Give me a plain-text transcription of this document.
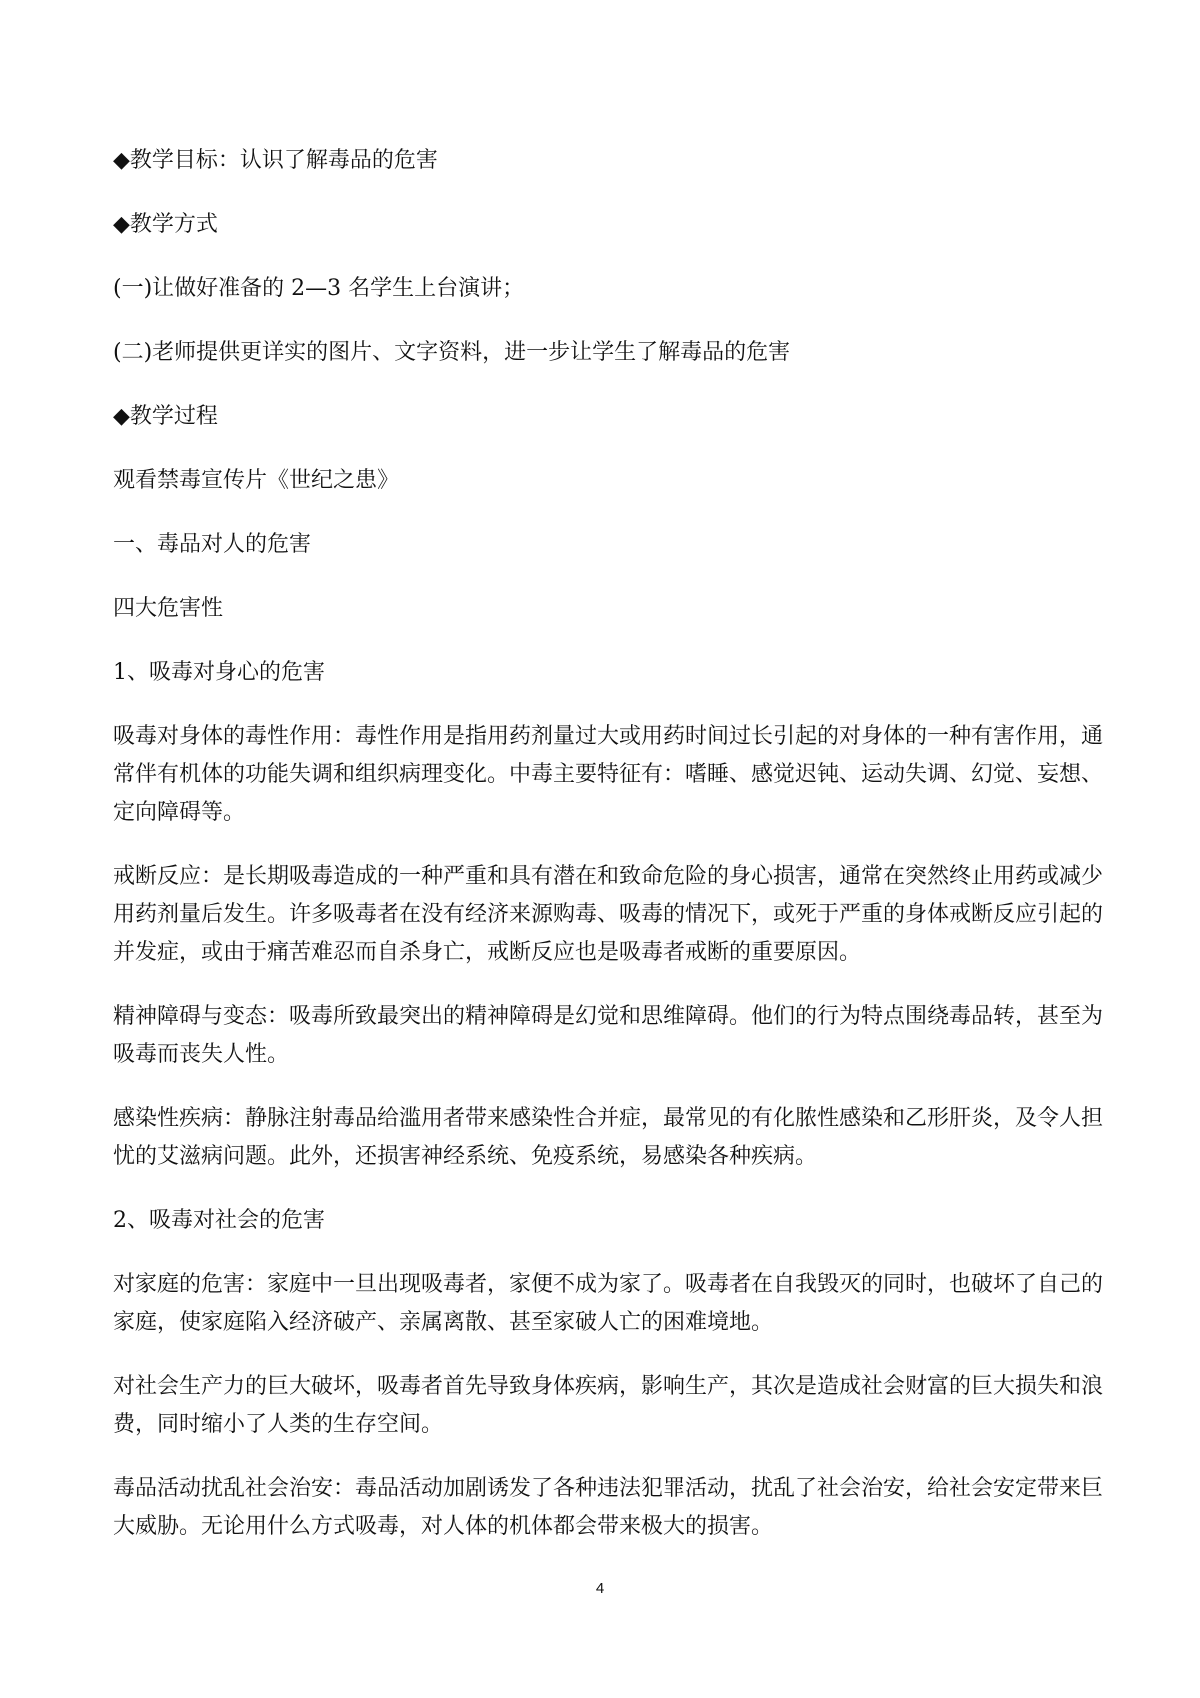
◆教学目标：认识了解毒品的危害

◆教学方式

(一)让做好准备的 2—3 名学生上台演讲；

(二)老师提供更详实的图片、文字资料，进一步让学生了解毒品的危害

◆教学过程

观看禁毒宣传片《世纪之患》

一、毒品对人的危害

四大危害性

1、吸毒对身心的危害

吸毒对身体的毒性作用：毒性作用是指用药剂量过大或用药时间过长引起的对身体的一种有害作用，通常伴有机体的功能失调和组织病理变化。中毒主要特征有：嗜睡、感觉迟钝、运动失调、幻觉、妄想、定向障碍等。

戒断反应：是长期吸毒造成的一种严重和具有潜在和致命危险的身心损害，通常在突然终止用药或减少用药剂量后发生。许多吸毒者在没有经济来源购毒、吸毒的情况下，或死于严重的身体戒断反应引起的并发症，或由于痛苦难忍而自杀身亡，戒断反应也是吸毒者戒断的重要原因。

精神障碍与变态：吸毒所致最突出的精神障碍是幻觉和思维障碍。他们的行为特点围绕毒品转，甚至为吸毒而丧失人性。

感染性疾病：静脉注射毒品给滥用者带来感染性合并症，最常见的有化脓性感染和乙形肝炎，及令人担忧的艾滋病问题。此外，还损害神经系统、免疫系统，易感染各种疾病。

2、吸毒对社会的危害

对家庭的危害：家庭中一旦出现吸毒者，家便不成为家了。吸毒者在自我毁灭的同时，也破坏了自己的家庭，使家庭陷入经济破产、亲属离散、甚至家破人亡的困难境地。

对社会生产力的巨大破坏，吸毒者首先导致身体疾病，影响生产，其次是造成社会财富的巨大损失和浪费，同时缩小了人类的生存空间。

毒品活动扰乱社会治安：毒品活动加剧诱发了各种违法犯罪活动，扰乱了社会治安，给社会安定带来巨大威胁。无论用什么方式吸毒，对人体的机体都会带来极大的损害。

4
